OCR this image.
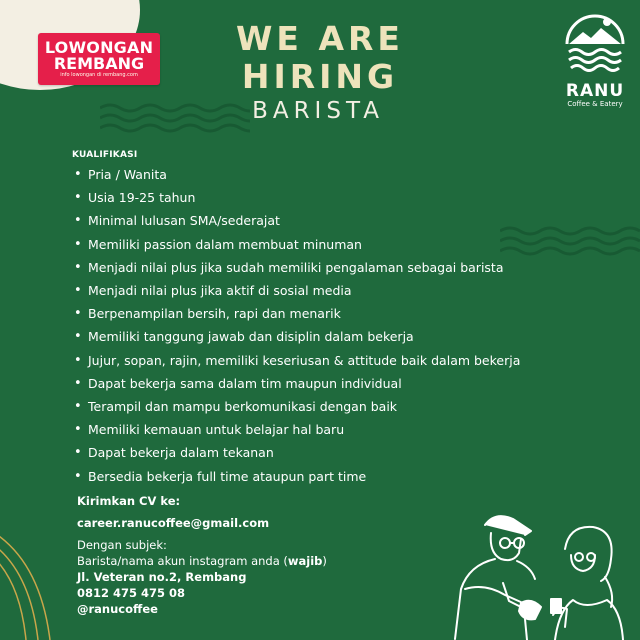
LOWONGAN
REMBANG
info lowongan di rembang.com
WE ARE
HIRING
BARISTA
RANU
Coffee & Eatery
KUALIFIKASI
• Pria / Wanita
• Usia 19-25 tahun
• Minimal lulusan SMA/sederajat
• Memiliki passion dalam membuat minuman
• Menjadi nilai plus jika sudah memiliki pengalaman sebagai barista
• Menjadi nilai plus jika aktif di sosial media
• Berpenampilan bersih, rapi dan menarik
• Memiliki tanggung jawab dan disiplin dalam bekerja
• Jujur, sopan, rajin, memiliki keseriusan & attitude baik dalam bekerja
• Dapat bekerja sama dalam tim maupun individual
• Terampil dan mampu berkomunikasi dengan baik
• Memiliki kemauan untuk belajar hal baru
• Dapat bekerja dalam tekanan
• Bersedia bekerja full time ataupun part time
Kirimkan CV ke:
career.ranucoffee@gmail.com
Dengan subjek:
Barista/nama akun instagram anda (wajib)
Jl. Veteran no.2, Rembang
0812 475 475 08
@ranucoffee
